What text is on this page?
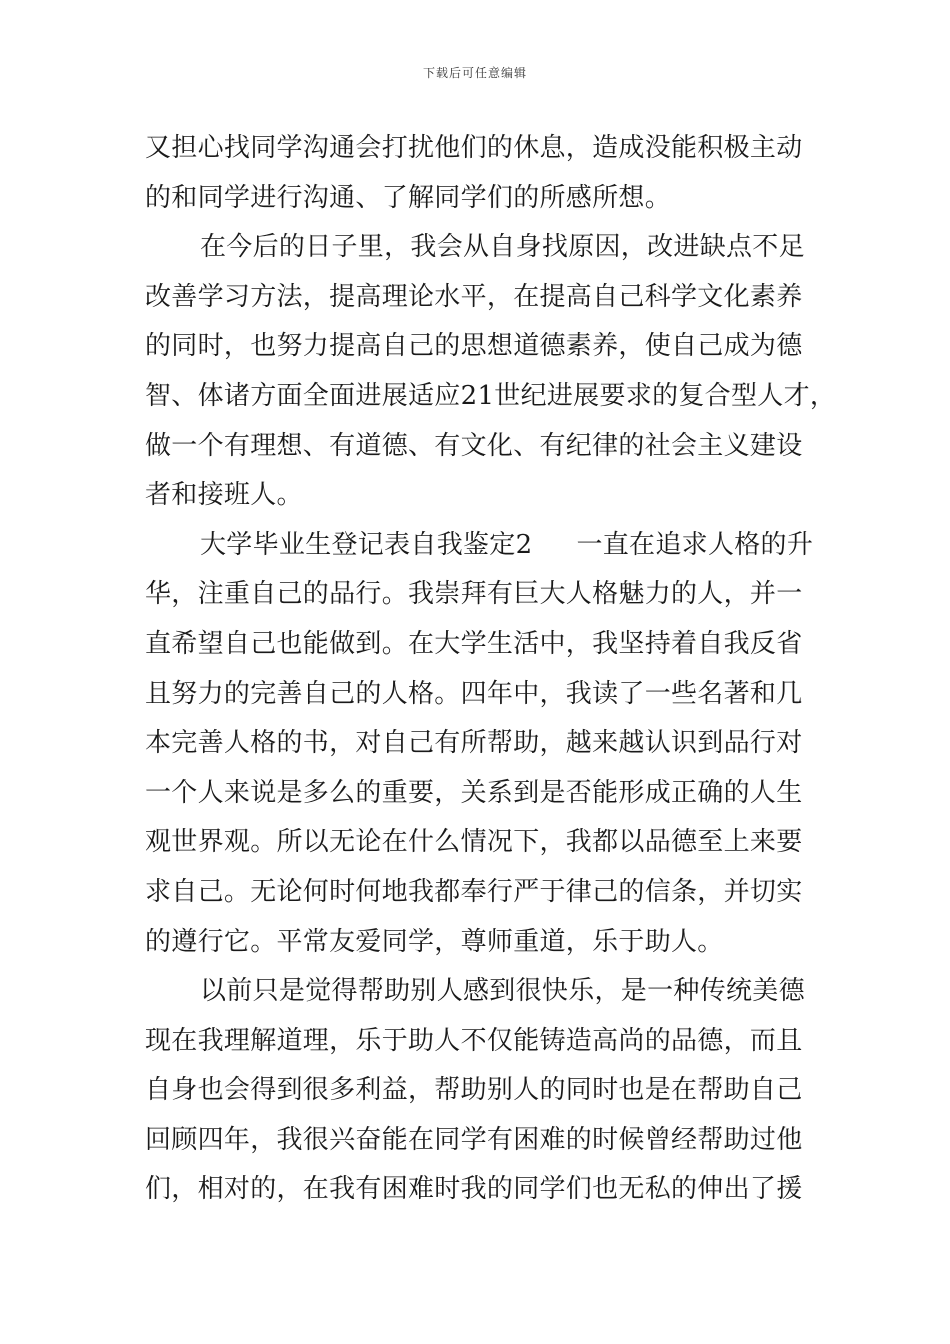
下载后可任意编辑
又担心找同学沟通会打扰他们的休息，造成没能积极主动
的和同学进行沟通、了解同学们的所感所想。
在今后的日子里，我会从自身找原因，改进缺点不足
改善学习方法，提高理论水平，在提高自己科学文化素养
的同时，也努力提高自己的思想道德素养，使自己成为德
智、体诸方面全面进展适应21世纪进展要求的复合型人才，
做一个有理想、有道德、有文化、有纪律的社会主义建设
者和接班人。
大学毕业生登记表自我鉴定2 一直在追求人格的升
华，注重自己的品行。我崇拜有巨大人格魅力的人，并一
直希望自己也能做到。在大学生活中，我坚持着自我反省
且努力的完善自己的人格。四年中，我读了一些名著和几
本完善人格的书，对自己有所帮助，越来越认识到品行对
一个人来说是多么的重要，关系到是否能形成正确的人生
观世界观。所以无论在什么情况下，我都以品德至上来要
求自己。无论何时何地我都奉行严于律己的信条，并切实
的遵行它。平常友爱同学，尊师重道，乐于助人。
以前只是觉得帮助别人感到很快乐，是一种传统美德
现在我理解道理，乐于助人不仅能铸造高尚的品德，而且
自身也会得到很多利益，帮助别人的同时也是在帮助自己
回顾四年，我很兴奋能在同学有困难的时候曾经帮助过他
们，相对的，在我有困难时我的同学们也无私的伸出了援
